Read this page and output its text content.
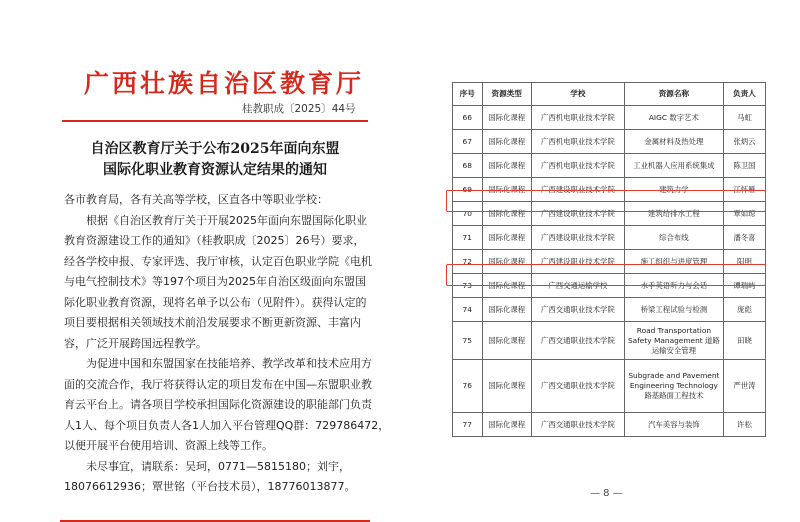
广西壮族自治区教育厅
桂教职成〔2025〕44号
自治区教育厅关于公布2025年面向东盟
国际化职业教育资源认定结果的通知
各市教育局，各有关高等学校，区直各中等职业学校：
根据《自治区教育厅关于开展2025年面向东盟国际化职业
教育资源建设工作的通知》（桂教职成〔2025〕26号）要求，
经各学校申报、专家评选、我厅审核，认定百色职业学院《电机
与电气控制技术》等197个项目为2025年自治区级面向东盟国
际化职业教育资源，现将名单予以公布（见附件）。获得认定的
项目要根据相关领域技术前沿发展要求不断更新资源、丰富内
容，广泛开展跨国远程教学。
为促进中国和东盟国家在技能培养、教学改革和技术应用方
面的交流合作，我厅将获得认定的项目发布在中国—东盟职业教
育云平台上。请各项目学校承担国际化资源建设的职能部门负责
人1人、每个项目负责人各1人加入平台管理QQ群：729786472，
以便开展平台使用培训、资源上线等工作。
未尽事宜，请联系：吴珂，0771—5815180；刘宇，
18076612936；覃世铭（平台技术员），18776013877。
序号	资源类型	学校	资源名称	负责人
66	国际化课程	广西机电职业技术学院	AIGC 数字艺术	马虹
67	国际化课程	广西机电职业技术学院	金属材料及热处理	张炳云
68	国际化课程	广西机电职业技术学院	工业机器人应用系统集成	陈卫国
69	国际化课程	广西建设职业技术学院	建筑力学	江怀雁
70	国际化课程	广西建设职业技术学院	建筑给排水工程	覃如琼
71	国际化课程	广西建设职业技术学院	综合布线	潘冬喜
72	国际化课程	广西建设职业技术学院	施工组织与进度管理	阳明
73	国际化课程	广西交通运输学校	水手英语听力与会话	谭瑞屿
74	国际化课程	广西交通职业技术学院	桥梁工程试验与检测	庞彪
75	国际化课程	广西交通职业技术学院	Road Transportation Safety Management 道路运输安全管理	田晓
76	国际化课程	广西交通职业技术学院	Subgrade and Pavement Engineering Technology 路基路面工程技术	严世涛
77	国际化课程	广西交通职业技术学院	汽车美容与装饰	许松
— 8 —
